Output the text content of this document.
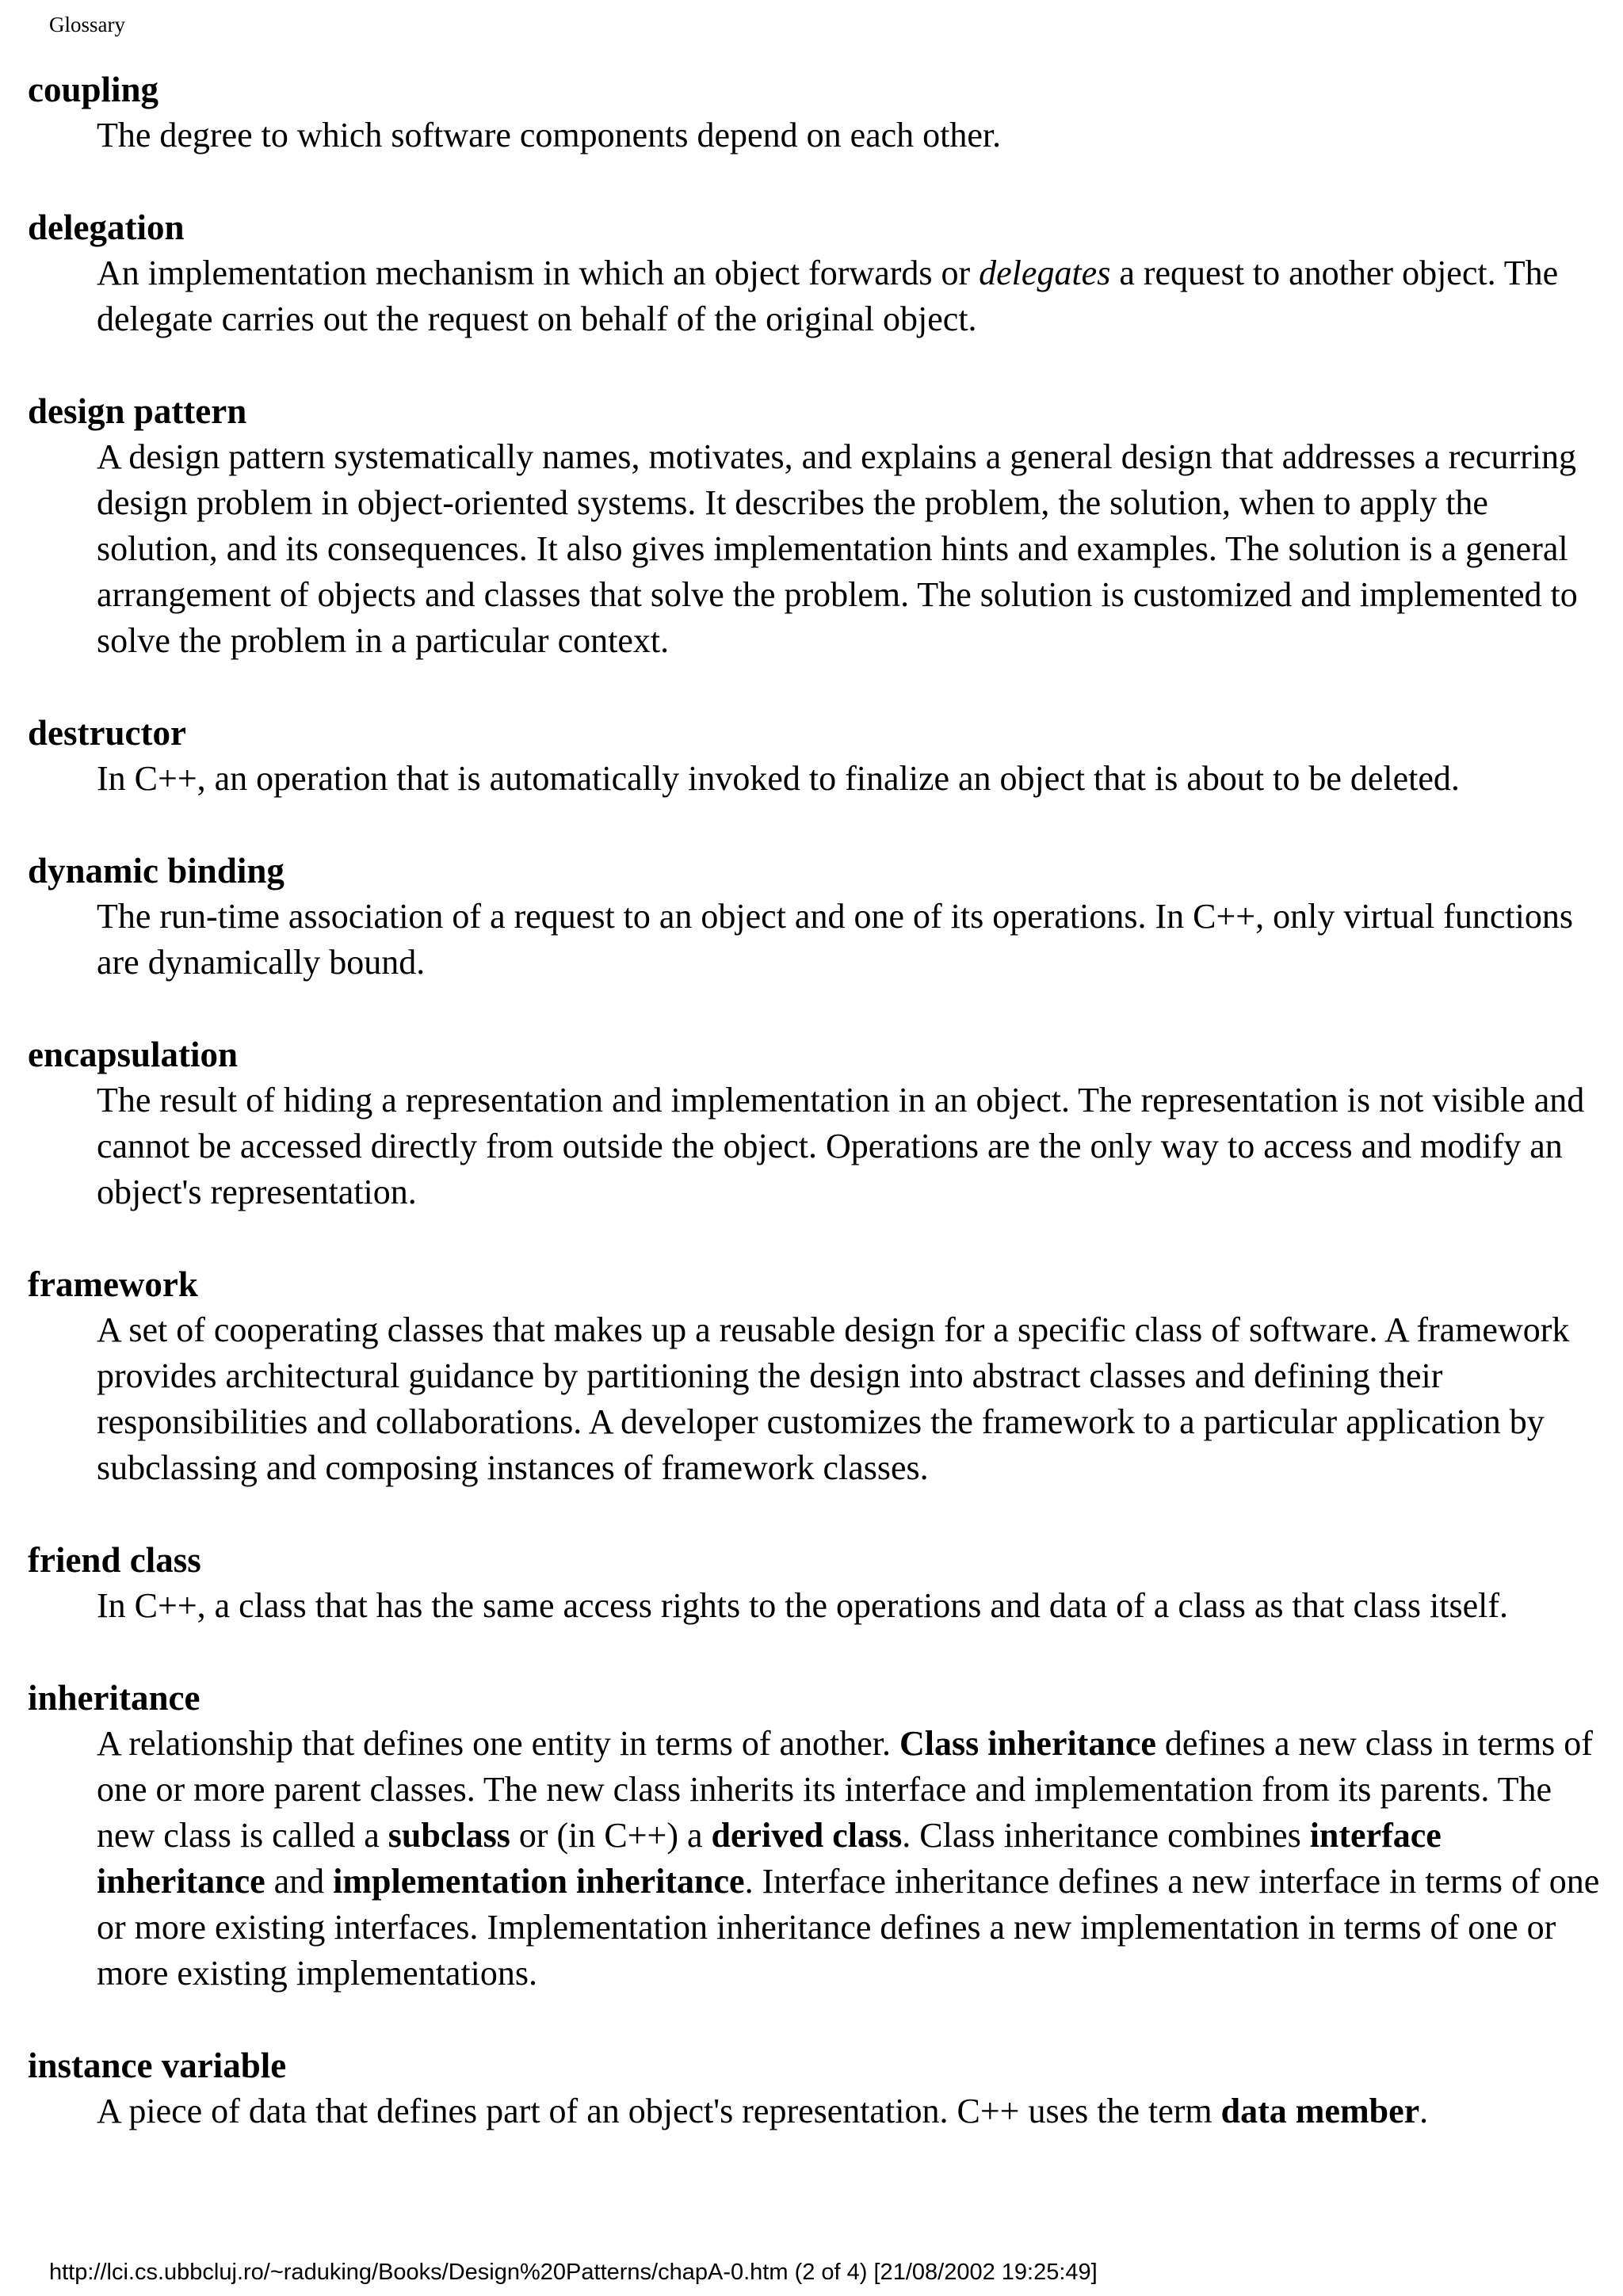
Glossary
coupling
The degree to which software components depend on each other.
delegation
An implementation mechanism in which an object forwards or delegates a request to another object. The delegate carries out the request on behalf of the original object.
design pattern
A design pattern systematically names, motivates, and explains a general design that addresses a recurring design problem in object-oriented systems. It describes the problem, the solution, when to apply the solution, and its consequences. It also gives implementation hints and examples. The solution is a general arrangement of objects and classes that solve the problem. The solution is customized and implemented to solve the problem in a particular context.
destructor
In C++, an operation that is automatically invoked to finalize an object that is about to be deleted.
dynamic binding
The run-time association of a request to an object and one of its operations. In C++, only virtual functions are dynamically bound.
encapsulation
The result of hiding a representation and implementation in an object. The representation is not visible and cannot be accessed directly from outside the object. Operations are the only way to access and modify an object's representation.
framework
A set of cooperating classes that makes up a reusable design for a specific class of software. A framework provides architectural guidance by partitioning the design into abstract classes and defining their responsibilities and collaborations. A developer customizes the framework to a particular application by subclassing and composing instances of framework classes.
friend class
In C++, a class that has the same access rights to the operations and data of a class as that class itself.
inheritance
A relationship that defines one entity in terms of another. Class inheritance defines a new class in terms of one or more parent classes. The new class inherits its interface and implementation from its parents. The new class is called a subclass or (in C++) a derived class. Class inheritance combines interface inheritance and implementation inheritance. Interface inheritance defines a new interface in terms of one or more existing interfaces. Implementation inheritance defines a new implementation in terms of one or more existing implementations.
instance variable
A piece of data that defines part of an object's representation. C++ uses the term data member.
http://lci.cs.ubbcluj.ro/~raduking/Books/Design%20Patterns/chapA-0.htm (2 of 4) [21/08/2002 19:25:49]
